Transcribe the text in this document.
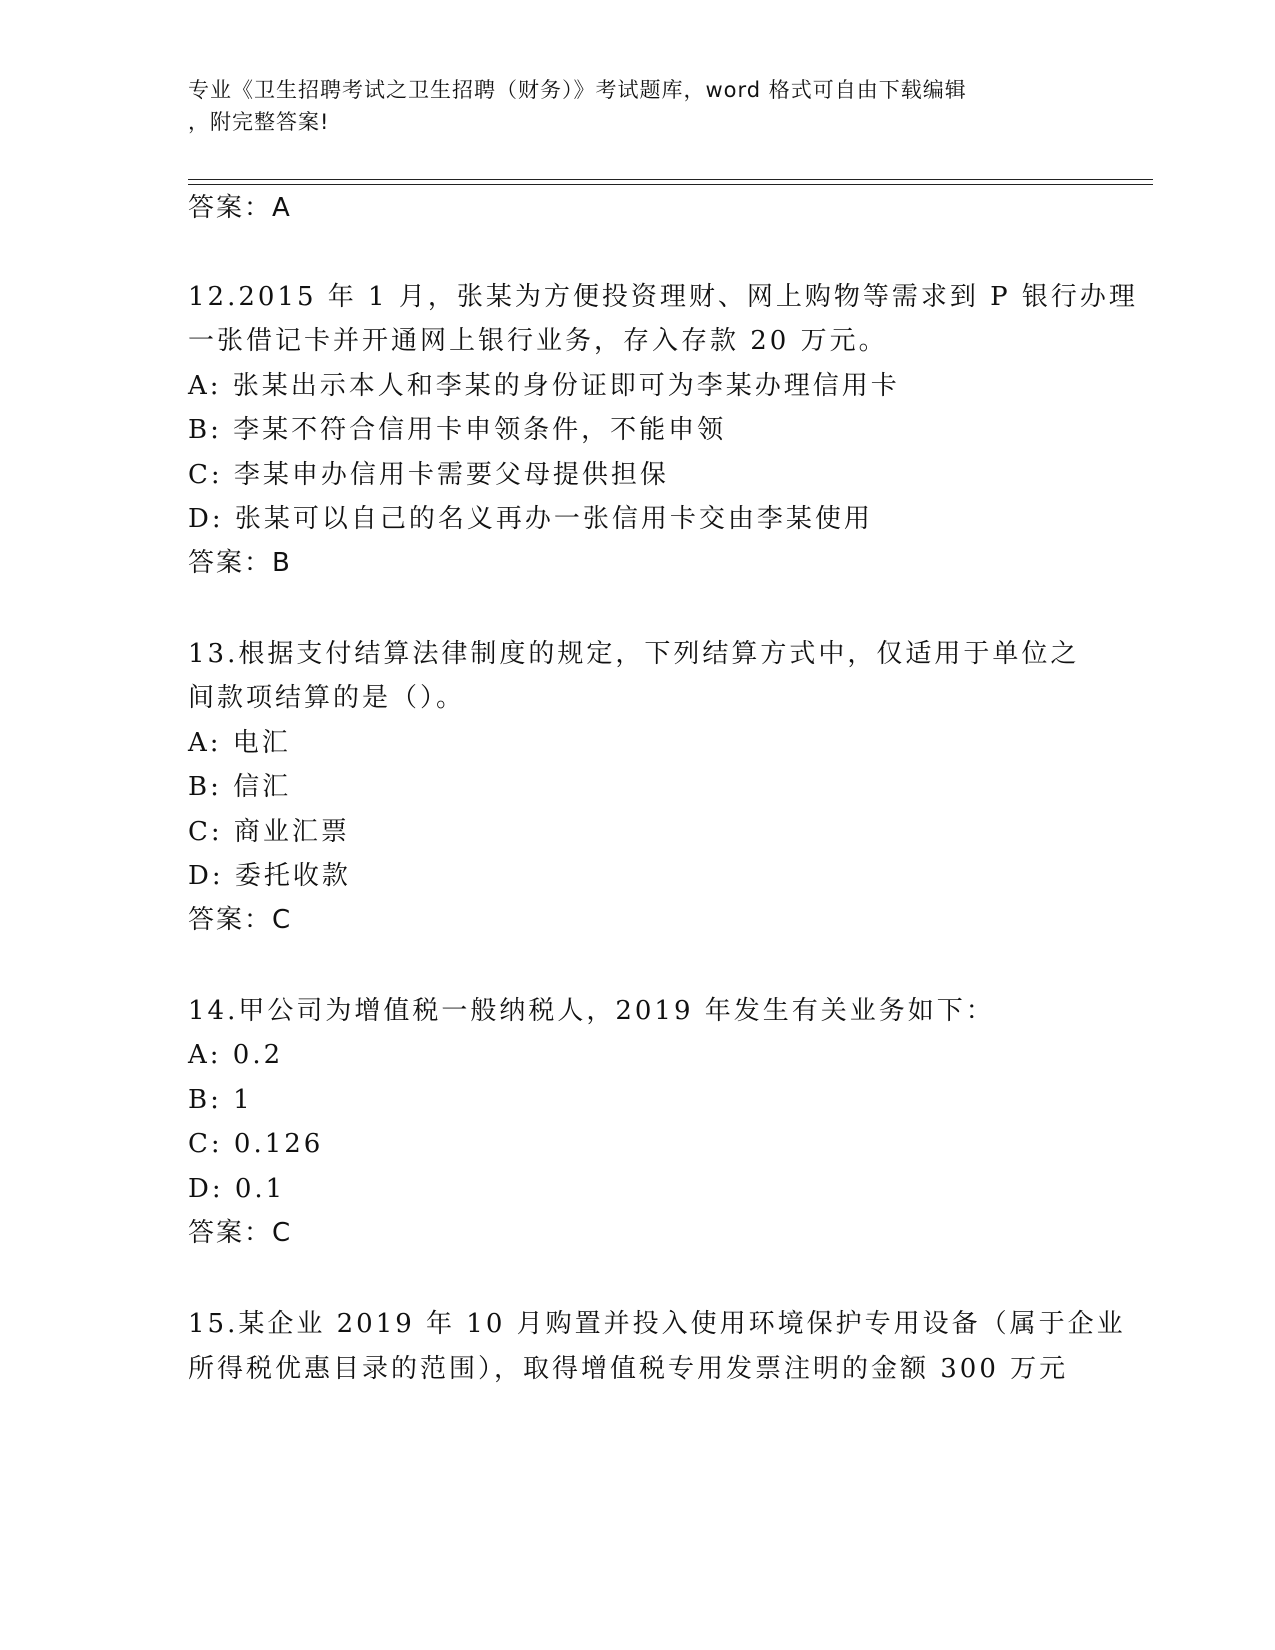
专业《卫生招聘考试之卫生招聘（财务）》考试题库，word 格式可自由下载编辑
，附完整答案!
答案：A
12.2015 年 1 月，张某为方便投资理财、网上购物等需求到 P 银行办理
一张借记卡并开通网上银行业务，存入存款 20 万元。
A: 张某出示本人和李某的身份证即可为李某办理信用卡
B: 李某不符合信用卡申领条件，不能申领
C: 李某申办信用卡需要父母提供担保
D: 张某可以自己的名义再办一张信用卡交由李某使用
答案：B
13.根据支付结算法律制度的规定，下列结算方式中，仅适用于单位之
间款项结算的是（）。
A: 电汇
B: 信汇
C: 商业汇票
D: 委托收款
答案：C
14.甲公司为增值税一般纳税人，2019 年发生有关业务如下：
A: 0.2
B: 1
C: 0.126
D: 0.1
答案：C
15.某企业 2019 年 10 月购置并投入使用环境保护专用设备（属于企业
所得税优惠目录的范围），取得增值税专用发票注明的金额 300 万元
